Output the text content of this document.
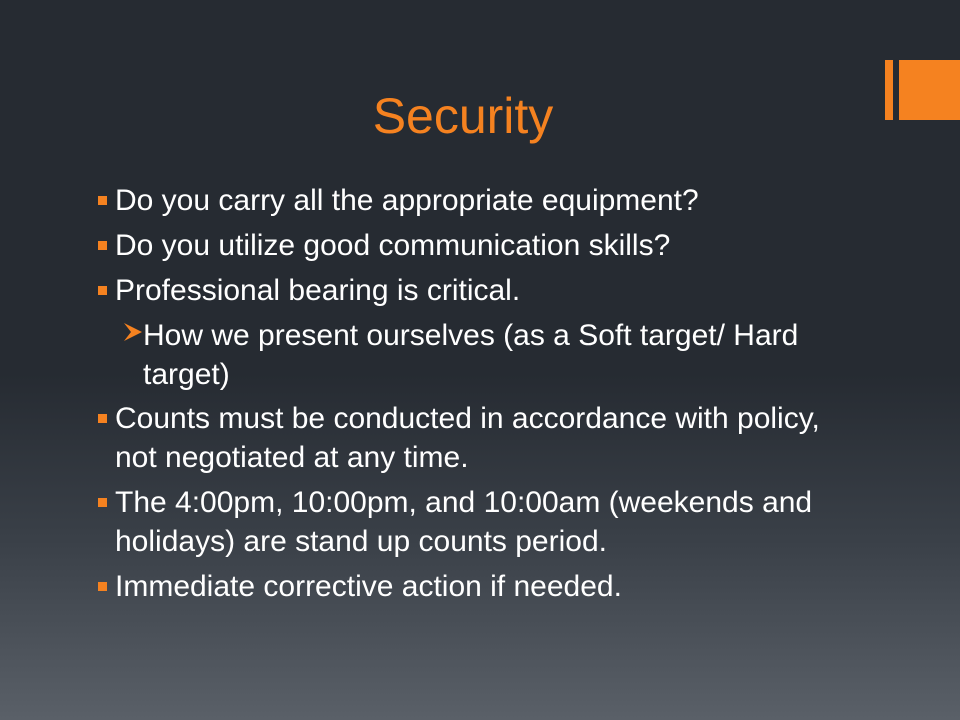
Security
Do you carry all the appropriate equipment?
Do you utilize good communication skills?
Professional bearing is critical.
How we present ourselves (as a Soft target/ Hard target)
Counts must be conducted in accordance with policy, not negotiated at any time.
The 4:00pm, 10:00pm, and 10:00am (weekends and holidays) are stand up counts period.
Immediate corrective action if needed.
